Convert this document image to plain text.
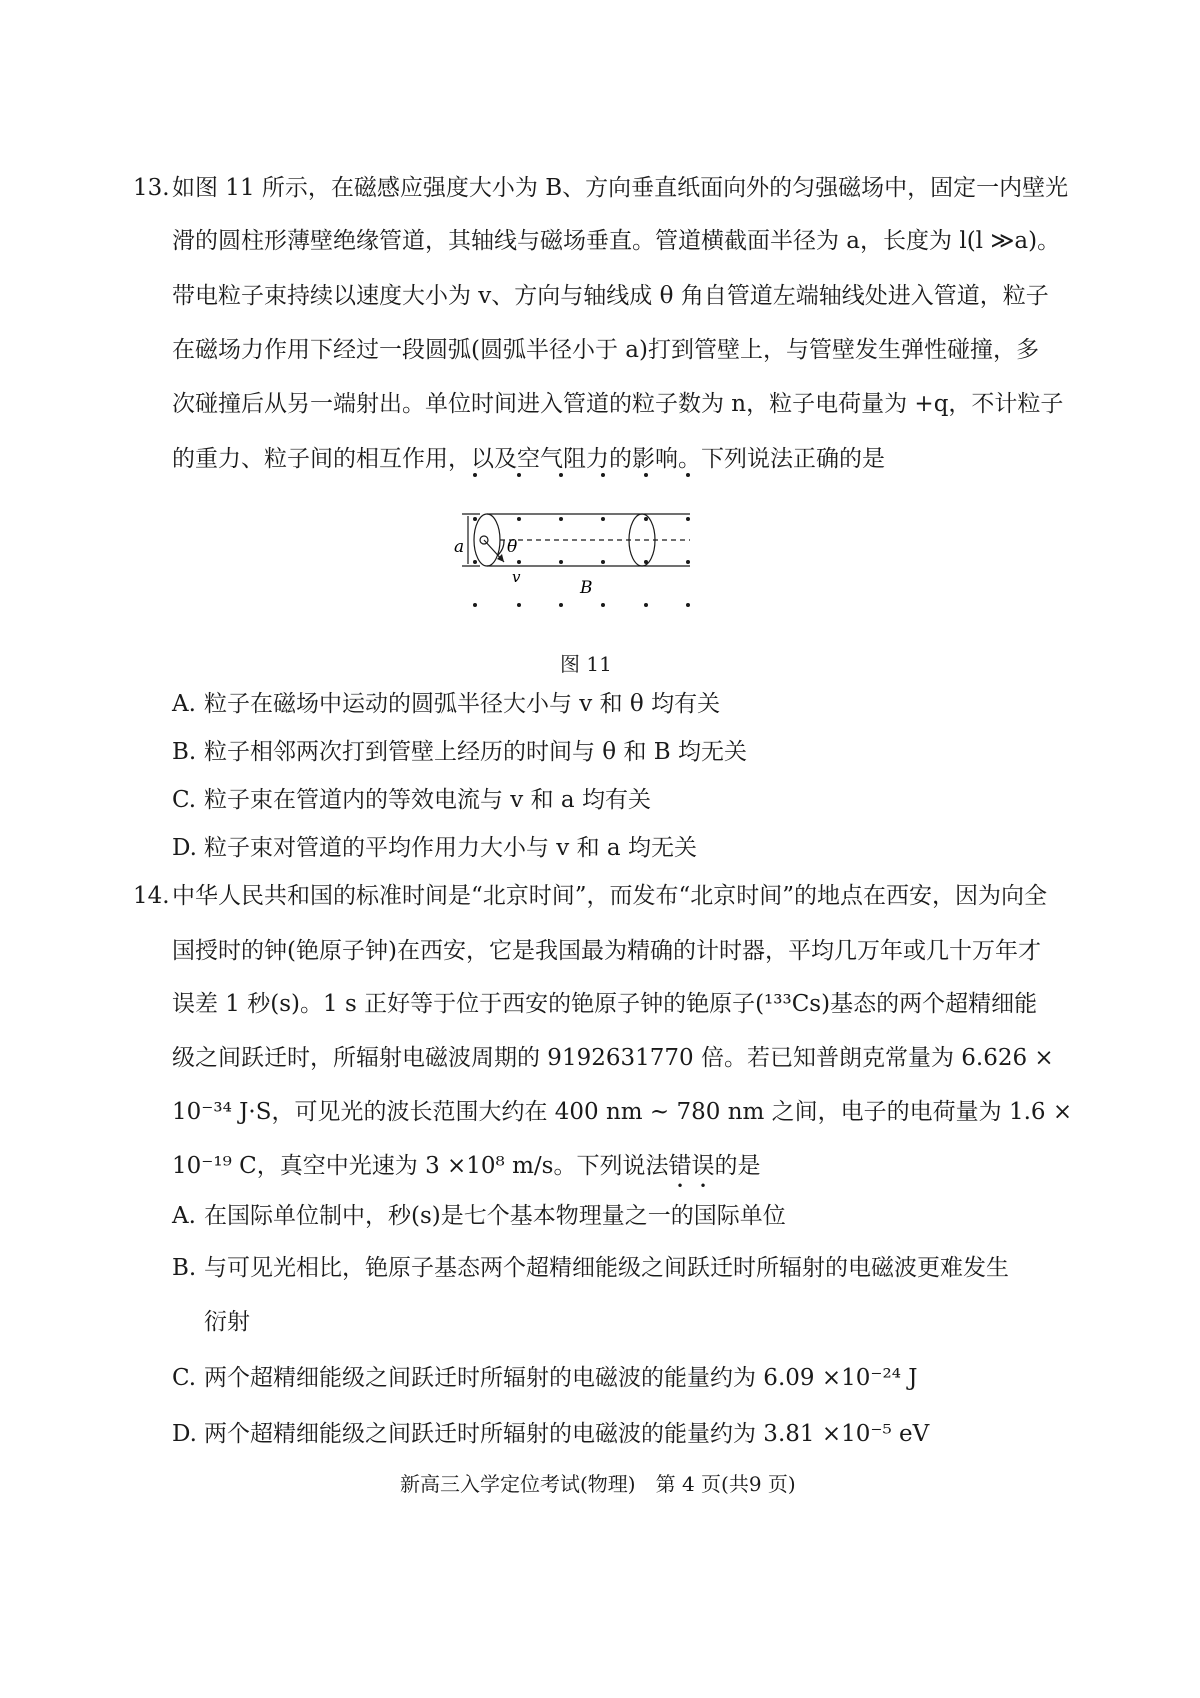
13. 如图 11 所示，在磁感应强度大小为 B、方向垂直纸面向外的匀强磁场中，固定一内壁光
滑的圆柱形薄壁绝缘管道，其轴线与磁场垂直。管道横截面半径为 a，长度为 l(l ≫a)。
带电粒子束持续以速度大小为 v、方向与轴线成 θ 角自管道左端轴线处进入管道，粒子
在磁场力作用下经过一段圆弧(圆弧半径小于 a)打到管壁上，与管壁发生弹性碰撞，多
次碰撞后从另一端射出。单位时间进入管道的粒子数为 n，粒子电荷量为 +q，不计粒子
的重力、粒子间的相互作用，以及空气阻力的影响。下列说法正确的是
a	θ
v
B
图 11
A. 粒子在磁场中运动的圆弧半径大小与 v 和 θ 均有关
B. 粒子相邻两次打到管壁上经历的时间与 θ 和 B 均无关
C. 粒子束在管道内的等效电流与 v 和 a 均有关
D. 粒子束对管道的平均作用力大小与 v 和 a 均无关
14. 中华人民共和国的标准时间是“北京时间”，而发布“北京时间”的地点在西安，因为向全
国授时的钟(铯原子钟)在西安，它是我国最为精确的计时器，平均几万年或几十万年才
误差 1 秒(s)。1 s 正好等于位于西安的铯原子钟的铯原子(¹³³Cs)基态的两个超精细能
级之间跃迁时，所辐射电磁波周期的 9192631770 倍。若已知普朗克常量为 6.626 ×
10⁻³⁴ J·S，可见光的波长范围大约在 400 nm ~ 780 nm 之间，电子的电荷量为 1.6 ×
10⁻¹⁹ C，真空中光速为 3 ×10⁸ m/s。下列说法错误的是
A. 在国际单位制中，秒(s)是七个基本物理量之一的国际单位
B. 与可见光相比，铯原子基态两个超精细能级之间跃迁时所辐射的电磁波更难发生
衍射
C. 两个超精细能级之间跃迁时所辐射的电磁波的能量约为 6.09 ×10⁻²⁴ J
D. 两个超精细能级之间跃迁时所辐射的电磁波的能量约为 3.81 ×10⁻⁵ eV
新高三入学定位考试(物理)　第 4 页(共9 页)
